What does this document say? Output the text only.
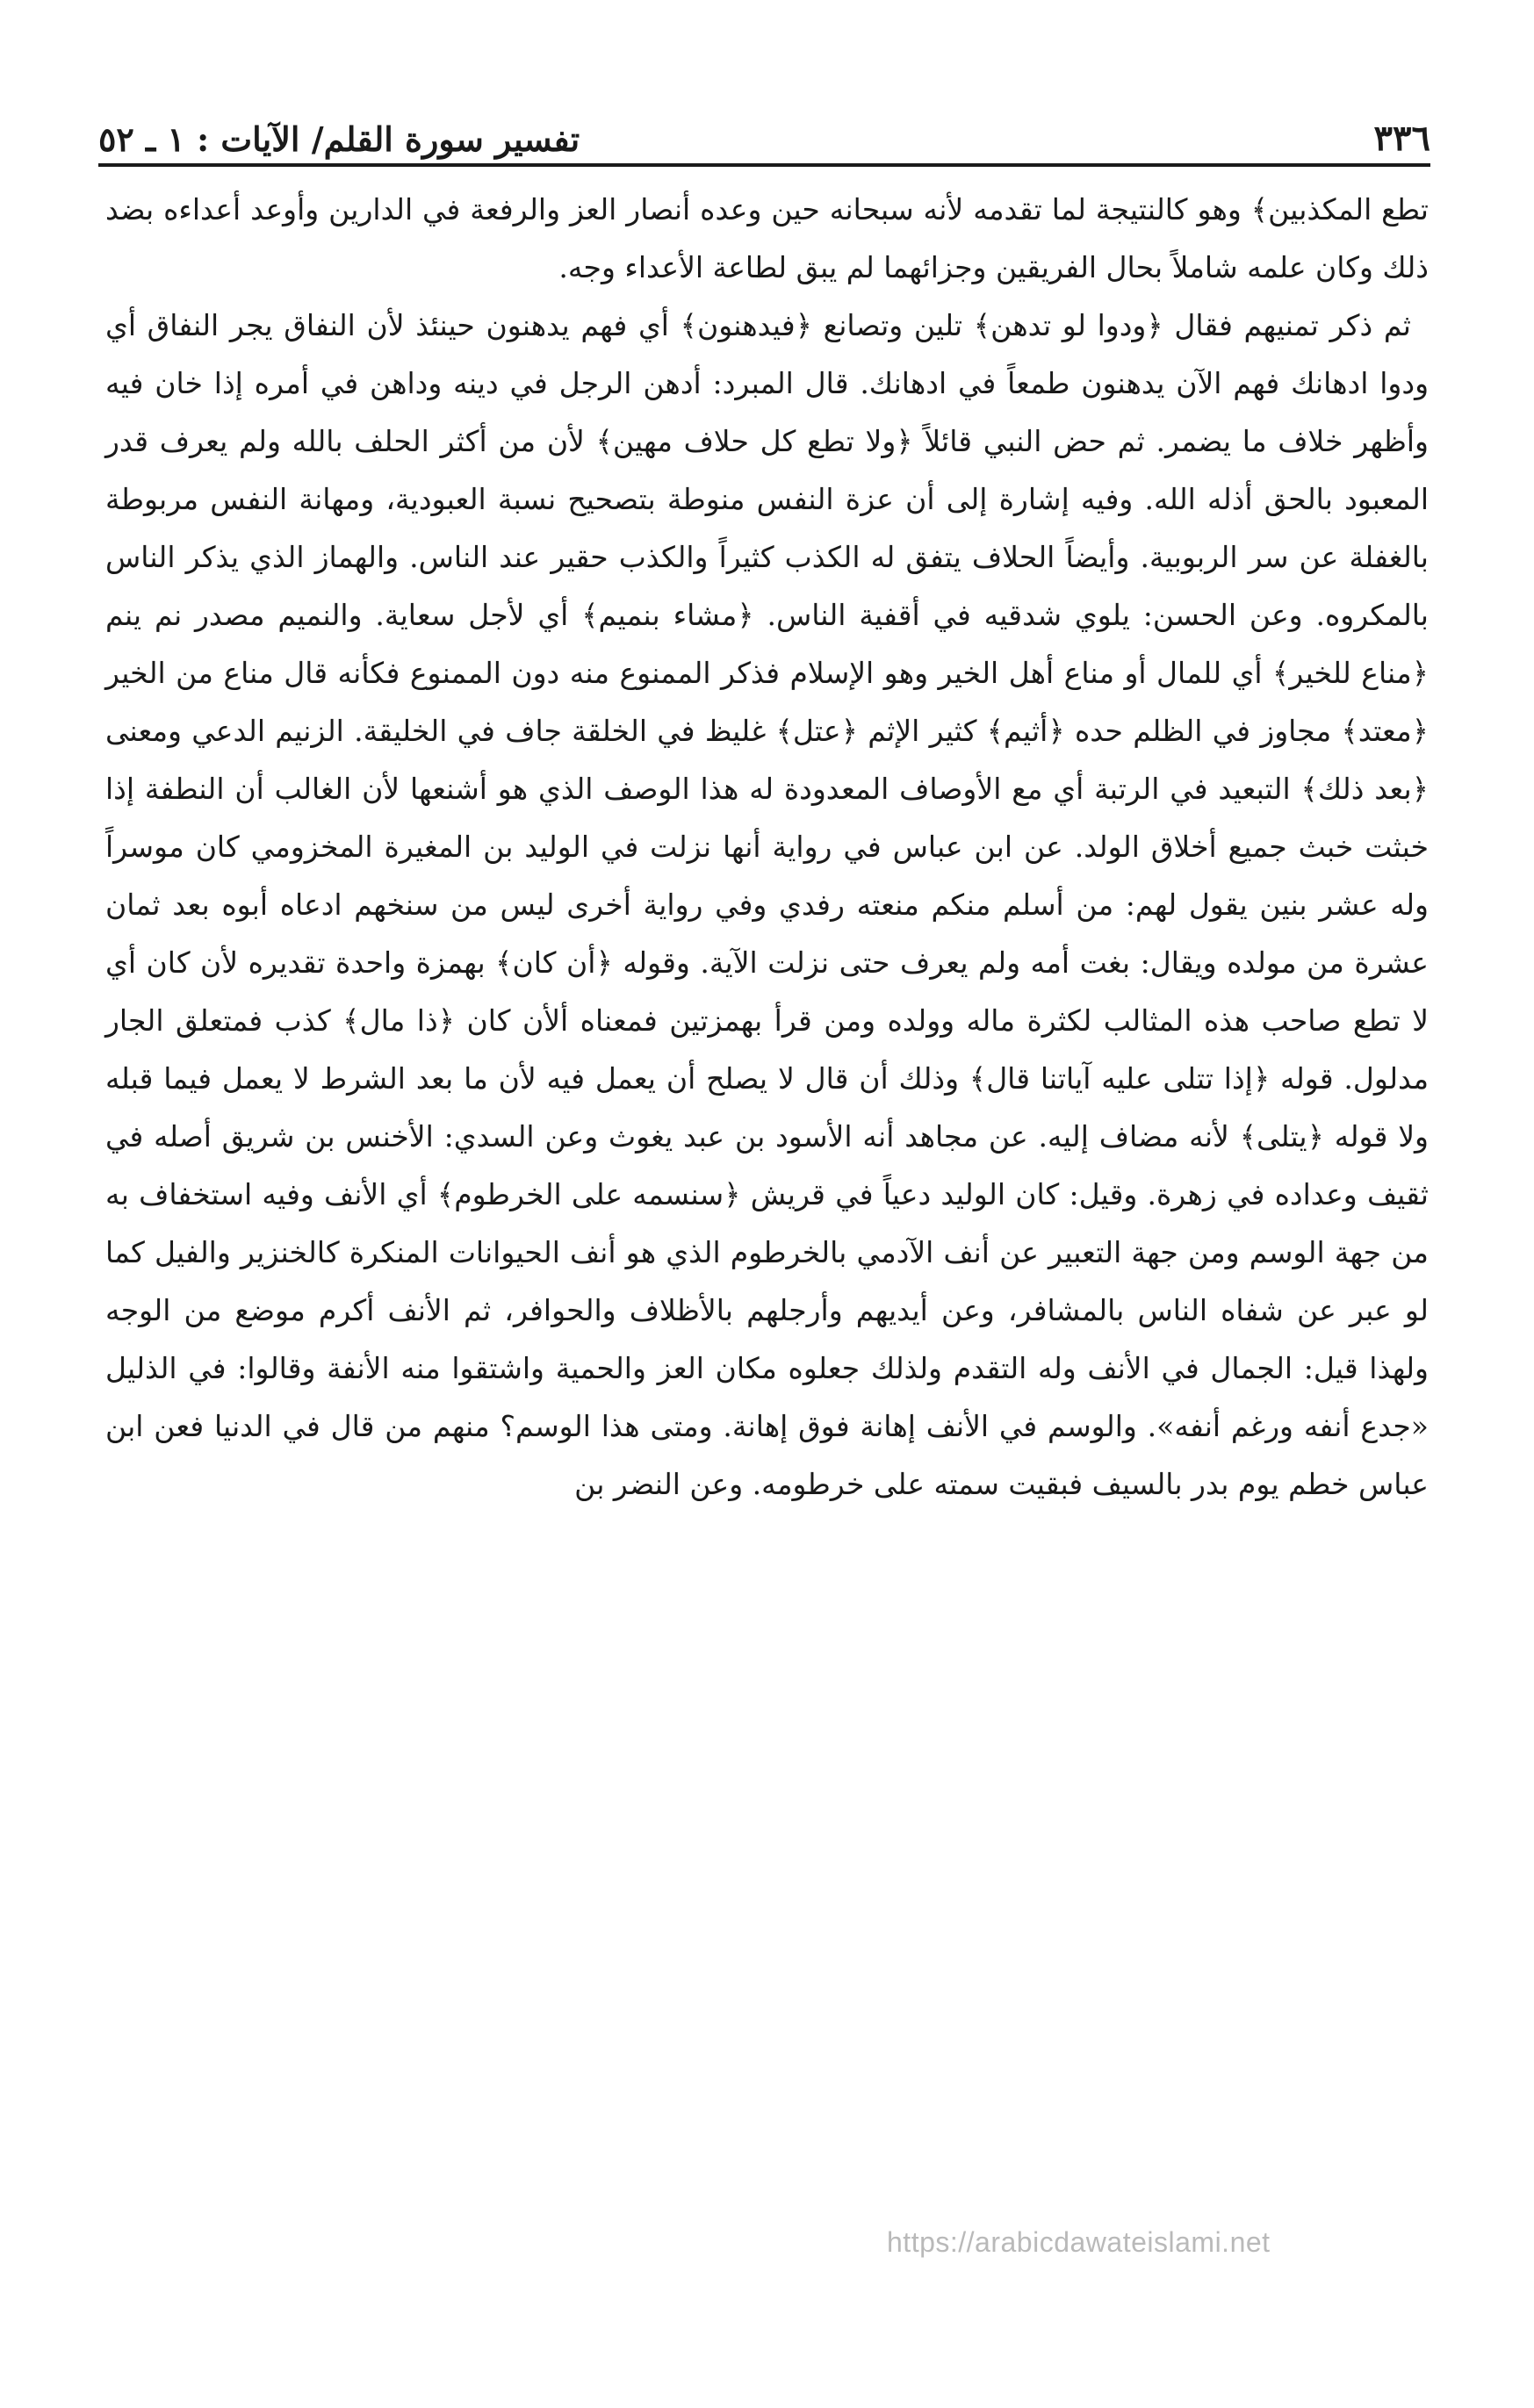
٣٣٦
تفسير سورة القلم/ الآيات : ١ ـ ٥٢

تطع المكذبين﴾ وهو كالنتيجة لما تقدمه لأنه سبحانه حين وعده أنصار العز والرفعة في الدارين وأوعد أعداءه بضد ذلك وكان علمه شاملاً بحال الفريقين وجزائهما لم يبق لطاعة الأعداء وجه.

ثم ذكر تمنيهم فقال ﴿ودوا لو تدهن﴾ تلين وتصانع ﴿فيدهنون﴾ أي فهم يدهنون حينئذ لأن النفاق يجر النفاق أي ودوا ادهانك فهم الآن يدهنون طمعاً في ادهانك. قال المبرد: أدهن الرجل في دينه وداهن في أمره إذا خان فيه وأظهر خلاف ما يضمر. ثم حض النبي قائلاً ﴿ولا تطع كل حلاف مهين﴾ لأن من أكثر الحلف بالله ولم يعرف قدر المعبود بالحق أذله الله. وفيه إشارة إلى أن عزة النفس منوطة بتصحيح نسبة العبودية، ومهانة النفس مربوطة بالغفلة عن سر الربوبية. وأيضاً الحلاف يتفق له الكذب كثيراً والكذب حقير عند الناس. والهماز الذي يذكر الناس بالمكروه. وعن الحسن: يلوي شدقيه في أقفية الناس. ﴿مشاء بنميم﴾ أي لأجل سعاية. والنميم مصدر نم ينم ﴿مناع للخير﴾ أي للمال أو مناع أهل الخير وهو الإسلام فذكر الممنوع منه دون الممنوع فكأنه قال مناع من الخير ﴿معتد﴾ مجاوز في الظلم حده ﴿أثيم﴾ كثير الإثم ﴿عتل﴾ غليظ في الخلقة جاف في الخليقة. الزنيم الدعي ومعنى ﴿بعد ذلك﴾ التبعيد في الرتبة أي مع الأوصاف المعدودة له هذا الوصف الذي هو أشنعها لأن الغالب أن النطفة إذا خبثت خبث جميع أخلاق الولد. عن ابن عباس في رواية أنها نزلت في الوليد بن المغيرة المخزومي كان موسراً وله عشر بنين يقول لهم: من أسلم منكم منعته رفدي وفي رواية أخرى ليس من سنخهم ادعاه أبوه بعد ثمان عشرة من مولده ويقال: بغت أمه ولم يعرف حتى نزلت الآية. وقوله ﴿أن كان﴾ بهمزة واحدة تقديره لأن كان أي لا تطع صاحب هذه المثالب لكثرة ماله وولده ومن قرأ بهمزتين فمعناه ألأن كان ﴿ذا مال﴾ كذب فمتعلق الجار مدلول. قوله ﴿إذا تتلى عليه آياتنا قال﴾ وذلك أن قال لا يصلح أن يعمل فيه لأن ما بعد الشرط لا يعمل فيما قبله ولا قوله ﴿يتلى﴾ لأنه مضاف إليه. عن مجاهد أنه الأسود بن عبد يغوث وعن السدي: الأخنس بن شريق أصله في ثقيف وعداده في زهرة. وقيل: كان الوليد دعياً في قريش ﴿سنسمه على الخرطوم﴾ أي الأنف وفيه استخفاف به من جهة الوسم ومن جهة التعبير عن أنف الآدمي بالخرطوم الذي هو أنف الحيوانات المنكرة كالخنزير والفيل كما لو عبر عن شفاه الناس بالمشافر، وعن أيديهم وأرجلهم بالأظلاف والحوافر، ثم الأنف أكرم موضع من الوجه ولهذا قيل: الجمال في الأنف وله التقدم ولذلك جعلوه مكان العز والحمية واشتقوا منه الأنفة وقالوا: في الذليل «جدع أنفه ورغم أنفه». والوسم في الأنف إهانة فوق إهانة. ومتى هذا الوسم؟ منهم من قال في الدنيا فعن ابن عباس خطم يوم بدر بالسيف فبقيت سمته على خرطومه. وعن النضر بن

https://arabicdawateislami.net
